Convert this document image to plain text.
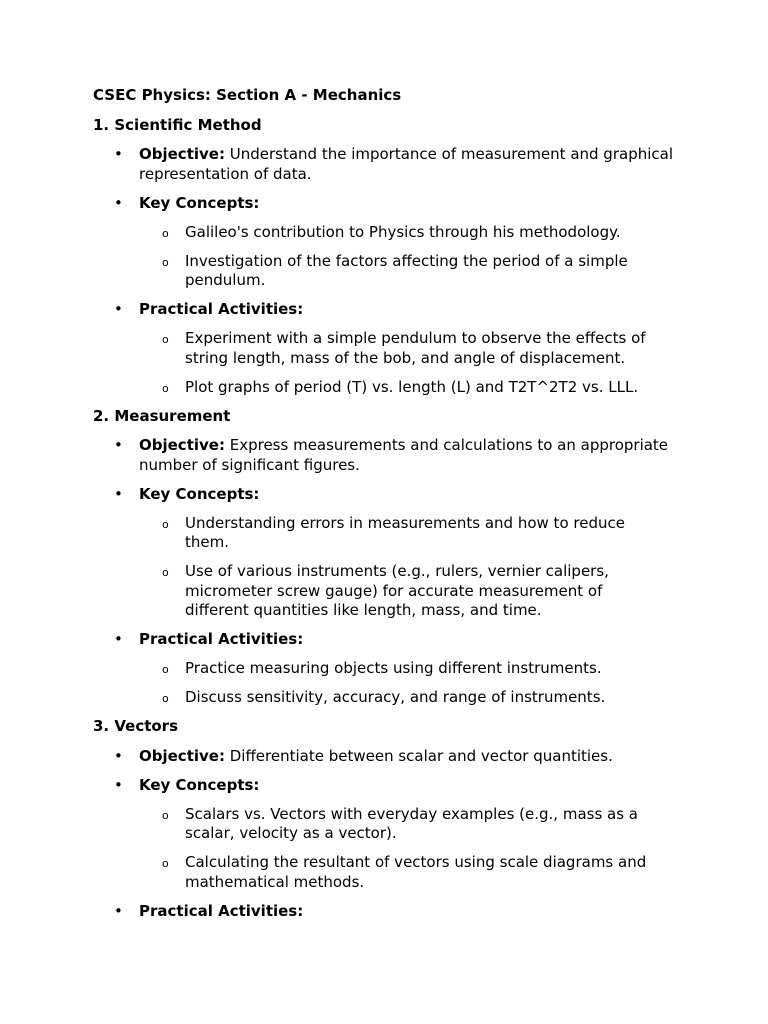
CSEC Physics: Section A - Mechanics
1. Scientific Method
• Objective: Understand the importance of measurement and graphical representation of data.
• Key Concepts:
o Galileo's contribution to Physics through his methodology.
o Investigation of the factors affecting the period of a simple pendulum.
• Practical Activities:
o Experiment with a simple pendulum to observe the effects of string length, mass of the bob, and angle of displacement.
o Plot graphs of period (T) vs. length (L) and T2T^2T2 vs. LLL.
2. Measurement
• Objective: Express measurements and calculations to an appropriate number of significant figures.
• Key Concepts:
o Understanding errors in measurements and how to reduce them.
o Use of various instruments (e.g., rulers, vernier calipers, micrometer screw gauge) for accurate measurement of different quantities like length, mass, and time.
• Practical Activities:
o Practice measuring objects using different instruments.
o Discuss sensitivity, accuracy, and range of instruments.
3. Vectors
• Objective: Differentiate between scalar and vector quantities.
• Key Concepts:
o Scalars vs. Vectors with everyday examples (e.g., mass as a scalar, velocity as a vector).
o Calculating the resultant of vectors using scale diagrams and mathematical methods.
• Practical Activities:
